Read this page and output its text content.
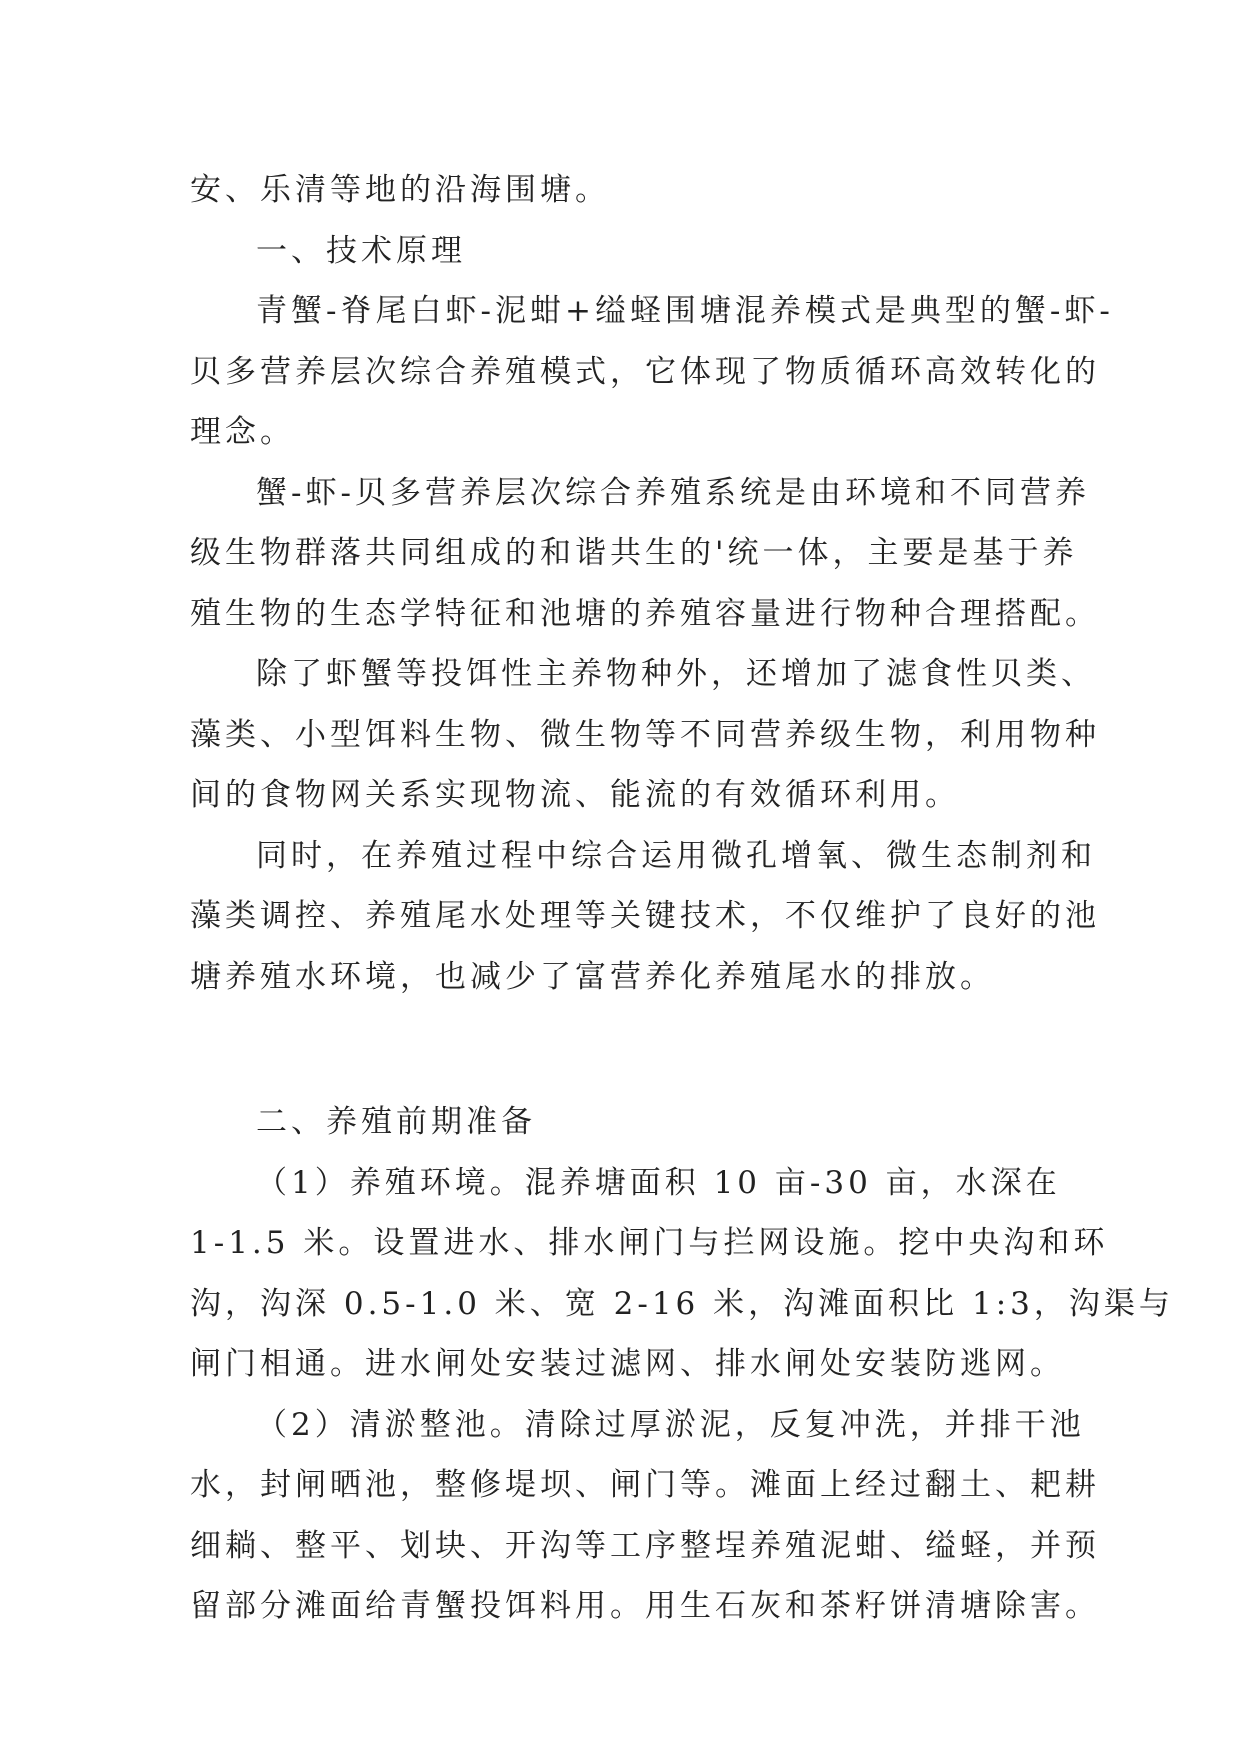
安、乐清等地的沿海围塘。
一、技术原理
青蟹-脊尾白虾-泥蚶+缢蛏围塘混养模式是典型的蟹-虾-
贝多营养层次综合养殖模式，它体现了物质循环高效转化的
理念。
蟹-虾-贝多营养层次综合养殖系统是由环境和不同营养
级生物群落共同组成的和谐共生的'统一体，主要是基于养
殖生物的生态学特征和池塘的养殖容量进行物种合理搭配。
除了虾蟹等投饵性主养物种外，还增加了滤食性贝类、
藻类、小型饵料生物、微生物等不同营养级生物，利用物种
间的食物网关系实现物流、能流的有效循环利用。
同时，在养殖过程中综合运用微孔增氧、微生态制剂和
藻类调控、养殖尾水处理等关键技术，不仅维护了良好的池
塘养殖水环境，也减少了富营养化养殖尾水的排放。
二、养殖前期准备
（1）养殖环境。混养塘面积 10 亩-30 亩，水深在
1-1.5 米。设置进水、排水闸门与拦网设施。挖中央沟和环
沟，沟深 0.5-1.0 米、宽 2-16 米，沟滩面积比 1:3，沟渠与
闸门相通。进水闸处安装过滤网、排水闸处安装防逃网。
（2）清淤整池。清除过厚淤泥，反复冲洗，并排干池
水，封闸晒池，整修堤坝、闸门等。滩面上经过翻土、耙耕
细耥、整平、划块、开沟等工序整埕养殖泥蚶、缢蛏，并预
留部分滩面给青蟹投饵料用。用生石灰和茶籽饼清塘除害。
